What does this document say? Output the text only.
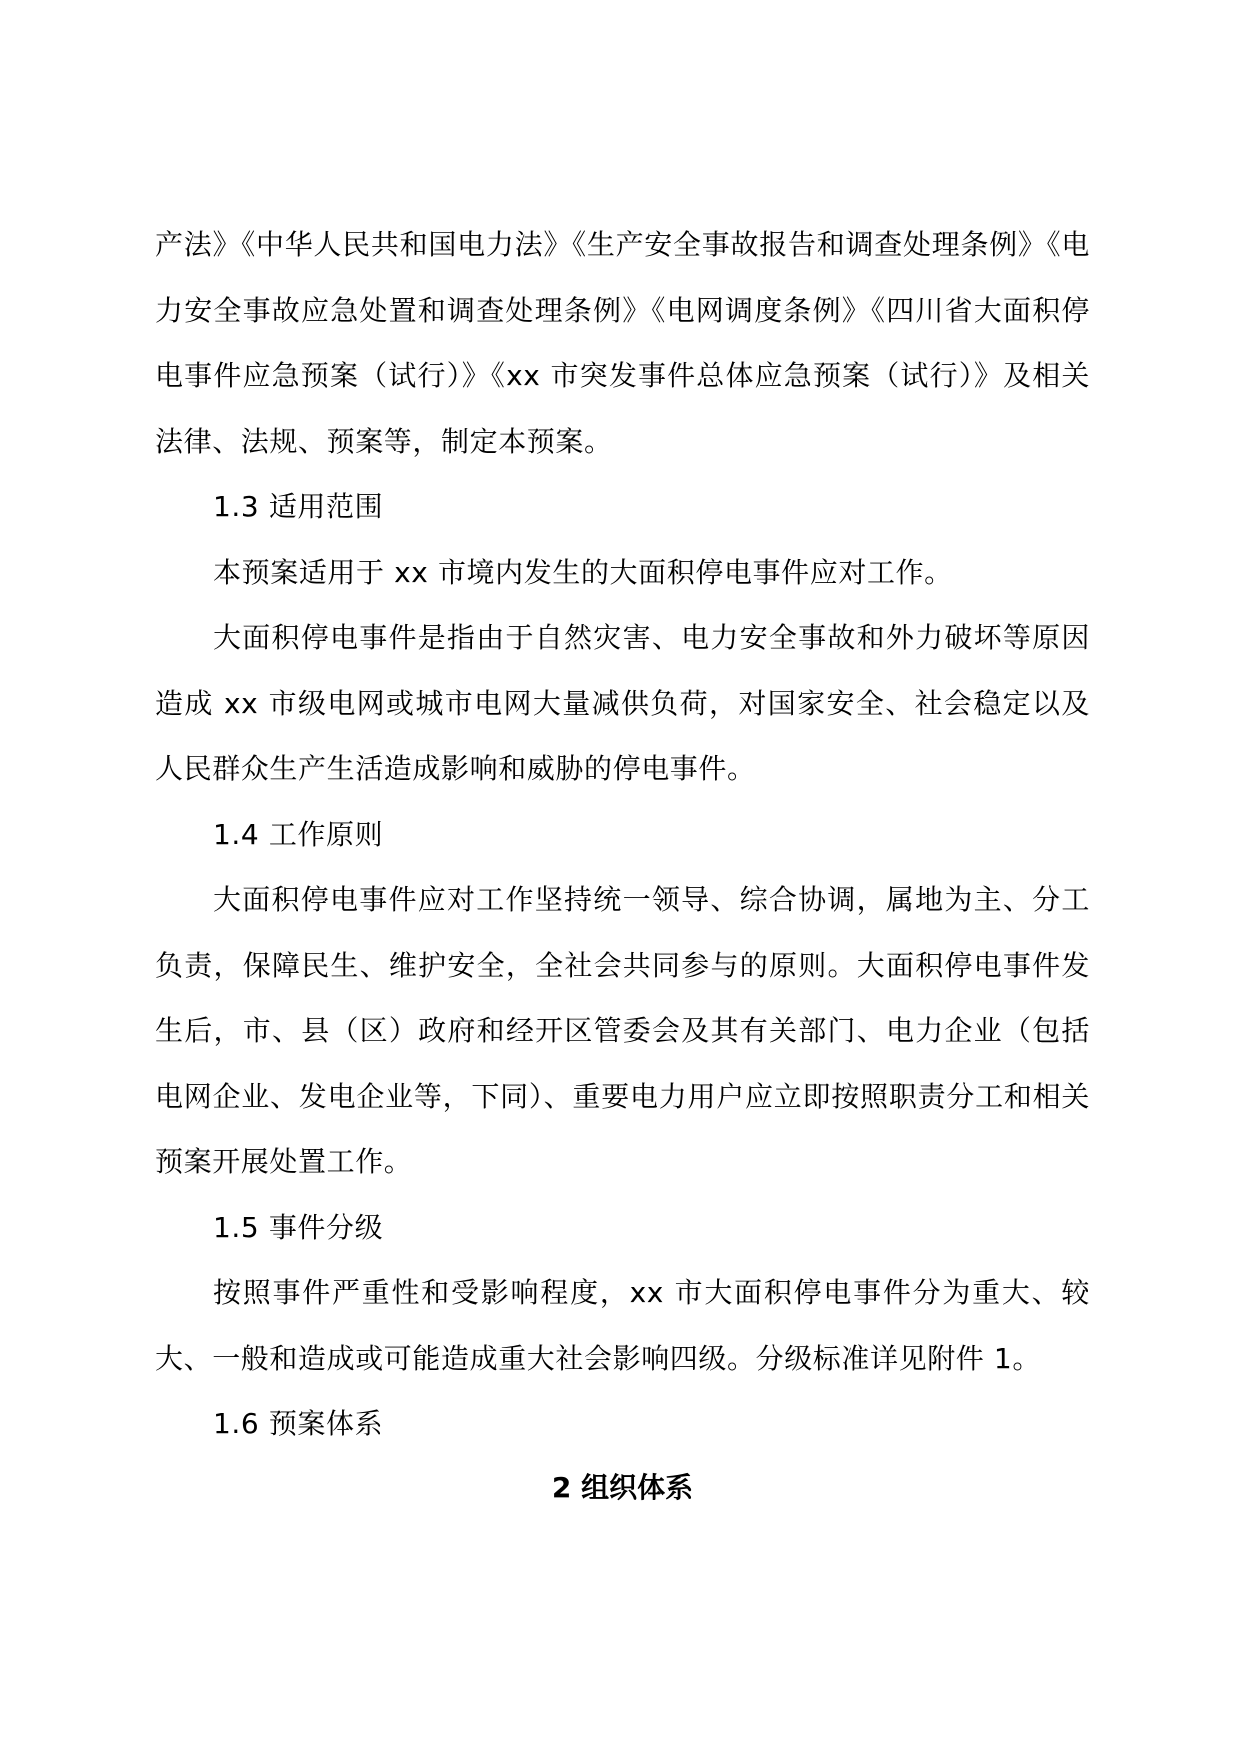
产法》《中华人民共和国电力法》《生产安全事故报告和调查处理条例》《电力安全事故应急处置和调查处理条例》《电网调度条例》《四川省大面积停电事件应急预案（试行）》《xx 市突发事件总体应急预案（试行）》及相关法律、法规、预案等，制定本预案。

1.3 适用范围

本预案适用于 xx 市境内发生的大面积停电事件应对工作。

大面积停电事件是指由于自然灾害、电力安全事故和外力破坏等原因造成 xx 市级电网或城市电网大量减供负荷，对国家安全、社会稳定以及人民群众生产生活造成影响和威胁的停电事件。

1.4 工作原则

大面积停电事件应对工作坚持统一领导、综合协调，属地为主、分工负责，保障民生、维护安全，全社会共同参与的原则。大面积停电事件发生后，市、县（区）政府和经开区管委会及其有关部门、电力企业（包括电网企业、发电企业等，下同）、重要电力用户应立即按照职责分工和相关预案开展处置工作。

1.5 事件分级

按照事件严重性和受影响程度，xx 市大面积停电事件分为重大、较大、一般和造成或可能造成重大社会影响四级。分级标准详见附件 1。

1.6 预案体系

2 组织体系
